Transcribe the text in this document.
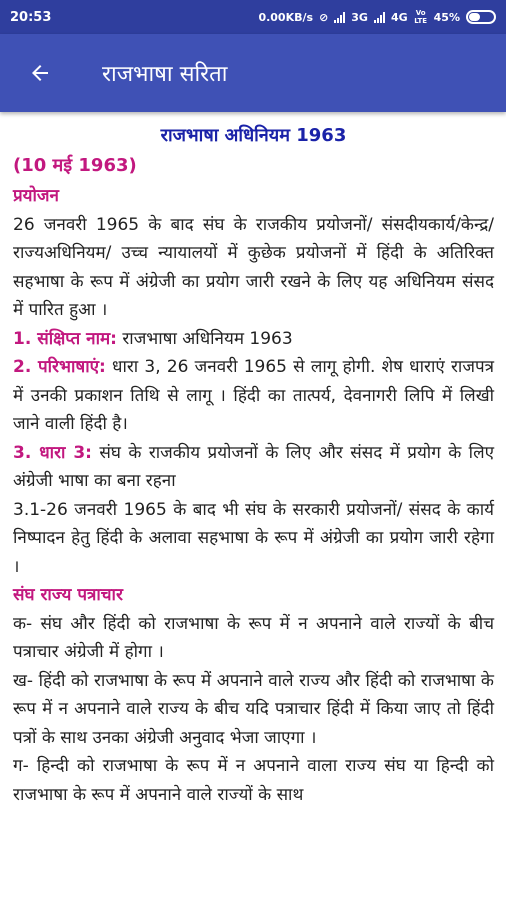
20:53	0.00KB/s ⊘ 3G 4G Vo LTE 45%
राजभाषा सरिता
राजभाषा अधिनियम 1963
(10 मई 1963)
प्रयोजन
26 जनवरी 1965 के बाद संघ के राजकीय प्रयोजनों/ संसदीयकार्य/केन्द्र/राज्यअधिनियम/ उच्च न्यायालयों में कुछेक प्रयोजनों में हिंदी के अतिरिक्त सहभाषा के रूप में अंग्रेजी का प्रयोग जारी रखने के लिए यह अधिनियम संसद में पारित हुआ ।
1. संक्षिप्त नाम: राजभाषा अधिनियम 1963
2. परिभाषाएं: धारा 3, 26 जनवरी 1965 से लागू होगी. शेष धाराएं राजपत्र में उनकी प्रकाशन तिथि से लागू । हिंदी का तात्पर्य, देवनागरी लिपि में लिखी जाने वाली हिंदी है।
3. धारा 3: संघ के राजकीय प्रयोजनों के लिए और संसद में प्रयोग के लिए अंग्रेजी भाषा का बना रहना
3.1-26 जनवरी 1965 के बाद भी संघ के सरकारी प्रयोजनों/ संसद के कार्य निष्पादन हेतु हिंदी के अलावा सहभाषा के रूप में अंग्रेजी का प्रयोग जारी रहेगा ।
संघ राज्य पत्राचार
क- संघ और हिंदी को राजभाषा के रूप में न अपनाने वाले राज्यों के बीच पत्राचार अंग्रेजी में होगा ।
ख- हिंदी को राजभाषा के रूप में अपनाने वाले राज्य और हिंदी को राजभाषा के रूप में न अपनाने वाले राज्य के बीच यदि पत्राचार हिंदी में किया जाए तो हिंदी पत्रों के साथ उनका अंग्रेजी अनुवाद भेजा जाएगा ।
ग- हिन्दी को राजभाषा के रूप में न अपनाने वाला राज्य संघ या हिन्दी को राजभाषा के रूप में अपनाने वाले राज्यों के साथ
